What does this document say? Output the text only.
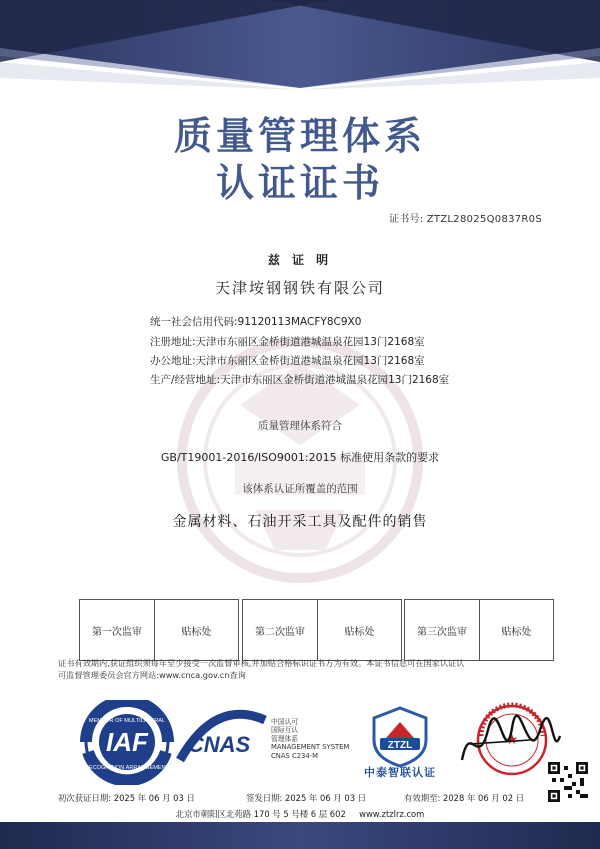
质量管理体系
认证证书
证书号: ZTZL28025Q0837R0S
兹 证 明
天津垵钢钢铁有限公司
统一社会信用代码:91120113MACFY8C9X0
注册地址:天津市东丽区金桥街道港城温泉花园13门2168室
办公地址:天津市东丽区金桥街道港城温泉花园13门2168室
生产/经营地址:天津市东丽区金桥街道港城温泉花园13门2168室
质量管理体系符合
GB/T19001-2016/ISO9001:2015 标准使用条款的要求
该体系认证所覆盖的范围
金属材料、石油开采工具及配件的销售
第一次监审	贴标处	第二次监审	贴标处	第三次监审	贴标处
证书有效期内,获证组织须每年至少接受一次监督审核,并加贴合格标识证书方为有效。本证书信息可在国家认证认
可监督管理委员会官方网站:www.cnca.gov.cn查询
MEMBER OF MULTILATERAL
RECOGNITION ARRANGEMENT
IAF CNAS	ZTZL	★
中国认可
国际互认
管理体系
MANAGEMENT SYSTEM
CNAS C234-M
中泰智联认证
初次获证日期: 2025 年 06 月 03 日	签发日期: 2025 年 06 月 03 日	有效期至: 2028 年 06 月 02 日
北京市朝阳区北苑路 170 号 5 号楼 6 层 602 www.ztzlrz.com
